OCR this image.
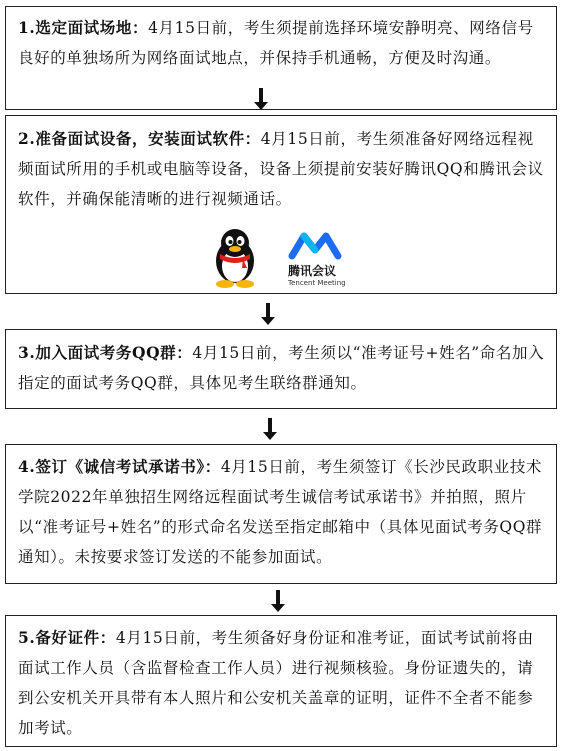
1.选定面试场地：4月15日前，考生须提前选择环境安静明亮、网络信号良好的单独场所为网络面试地点，并保持手机通畅，方便及时沟通。
2.准备面试设备，安装面试软件：4月15日前，考生须准备好网络远程视频面试所用的手机或电脑等设备，设备上须提前安装好腾讯QQ和腾讯会议软件，并确保能清晰的进行视频通话。
腾讯会议
Tencent Meeting
3.加入面试考务QQ群：4月15日前，考生须以“准考证号+姓名”命名加入指定的面试考务QQ群，具体见考生联络群通知。
4.签订《诚信考试承诺书》：4月15日前，考生须签订《长沙民政职业技术学院2022年单独招生网络远程面试考生诚信考试承诺书》并拍照，照片以“准考证号+姓名”的形式命名发送至指定邮箱中（具体见面试考务QQ群通知）。未按要求签订发送的不能参加面试。
5.备好证件：4月15日前，考生须备好身份证和准考证，面试考试前将由面试工作人员（含监督检查工作人员）进行视频核验。身份证遗失的，请到公安机关开具带有本人照片和公安机关盖章的证明，证件不全者不能参加考试。
